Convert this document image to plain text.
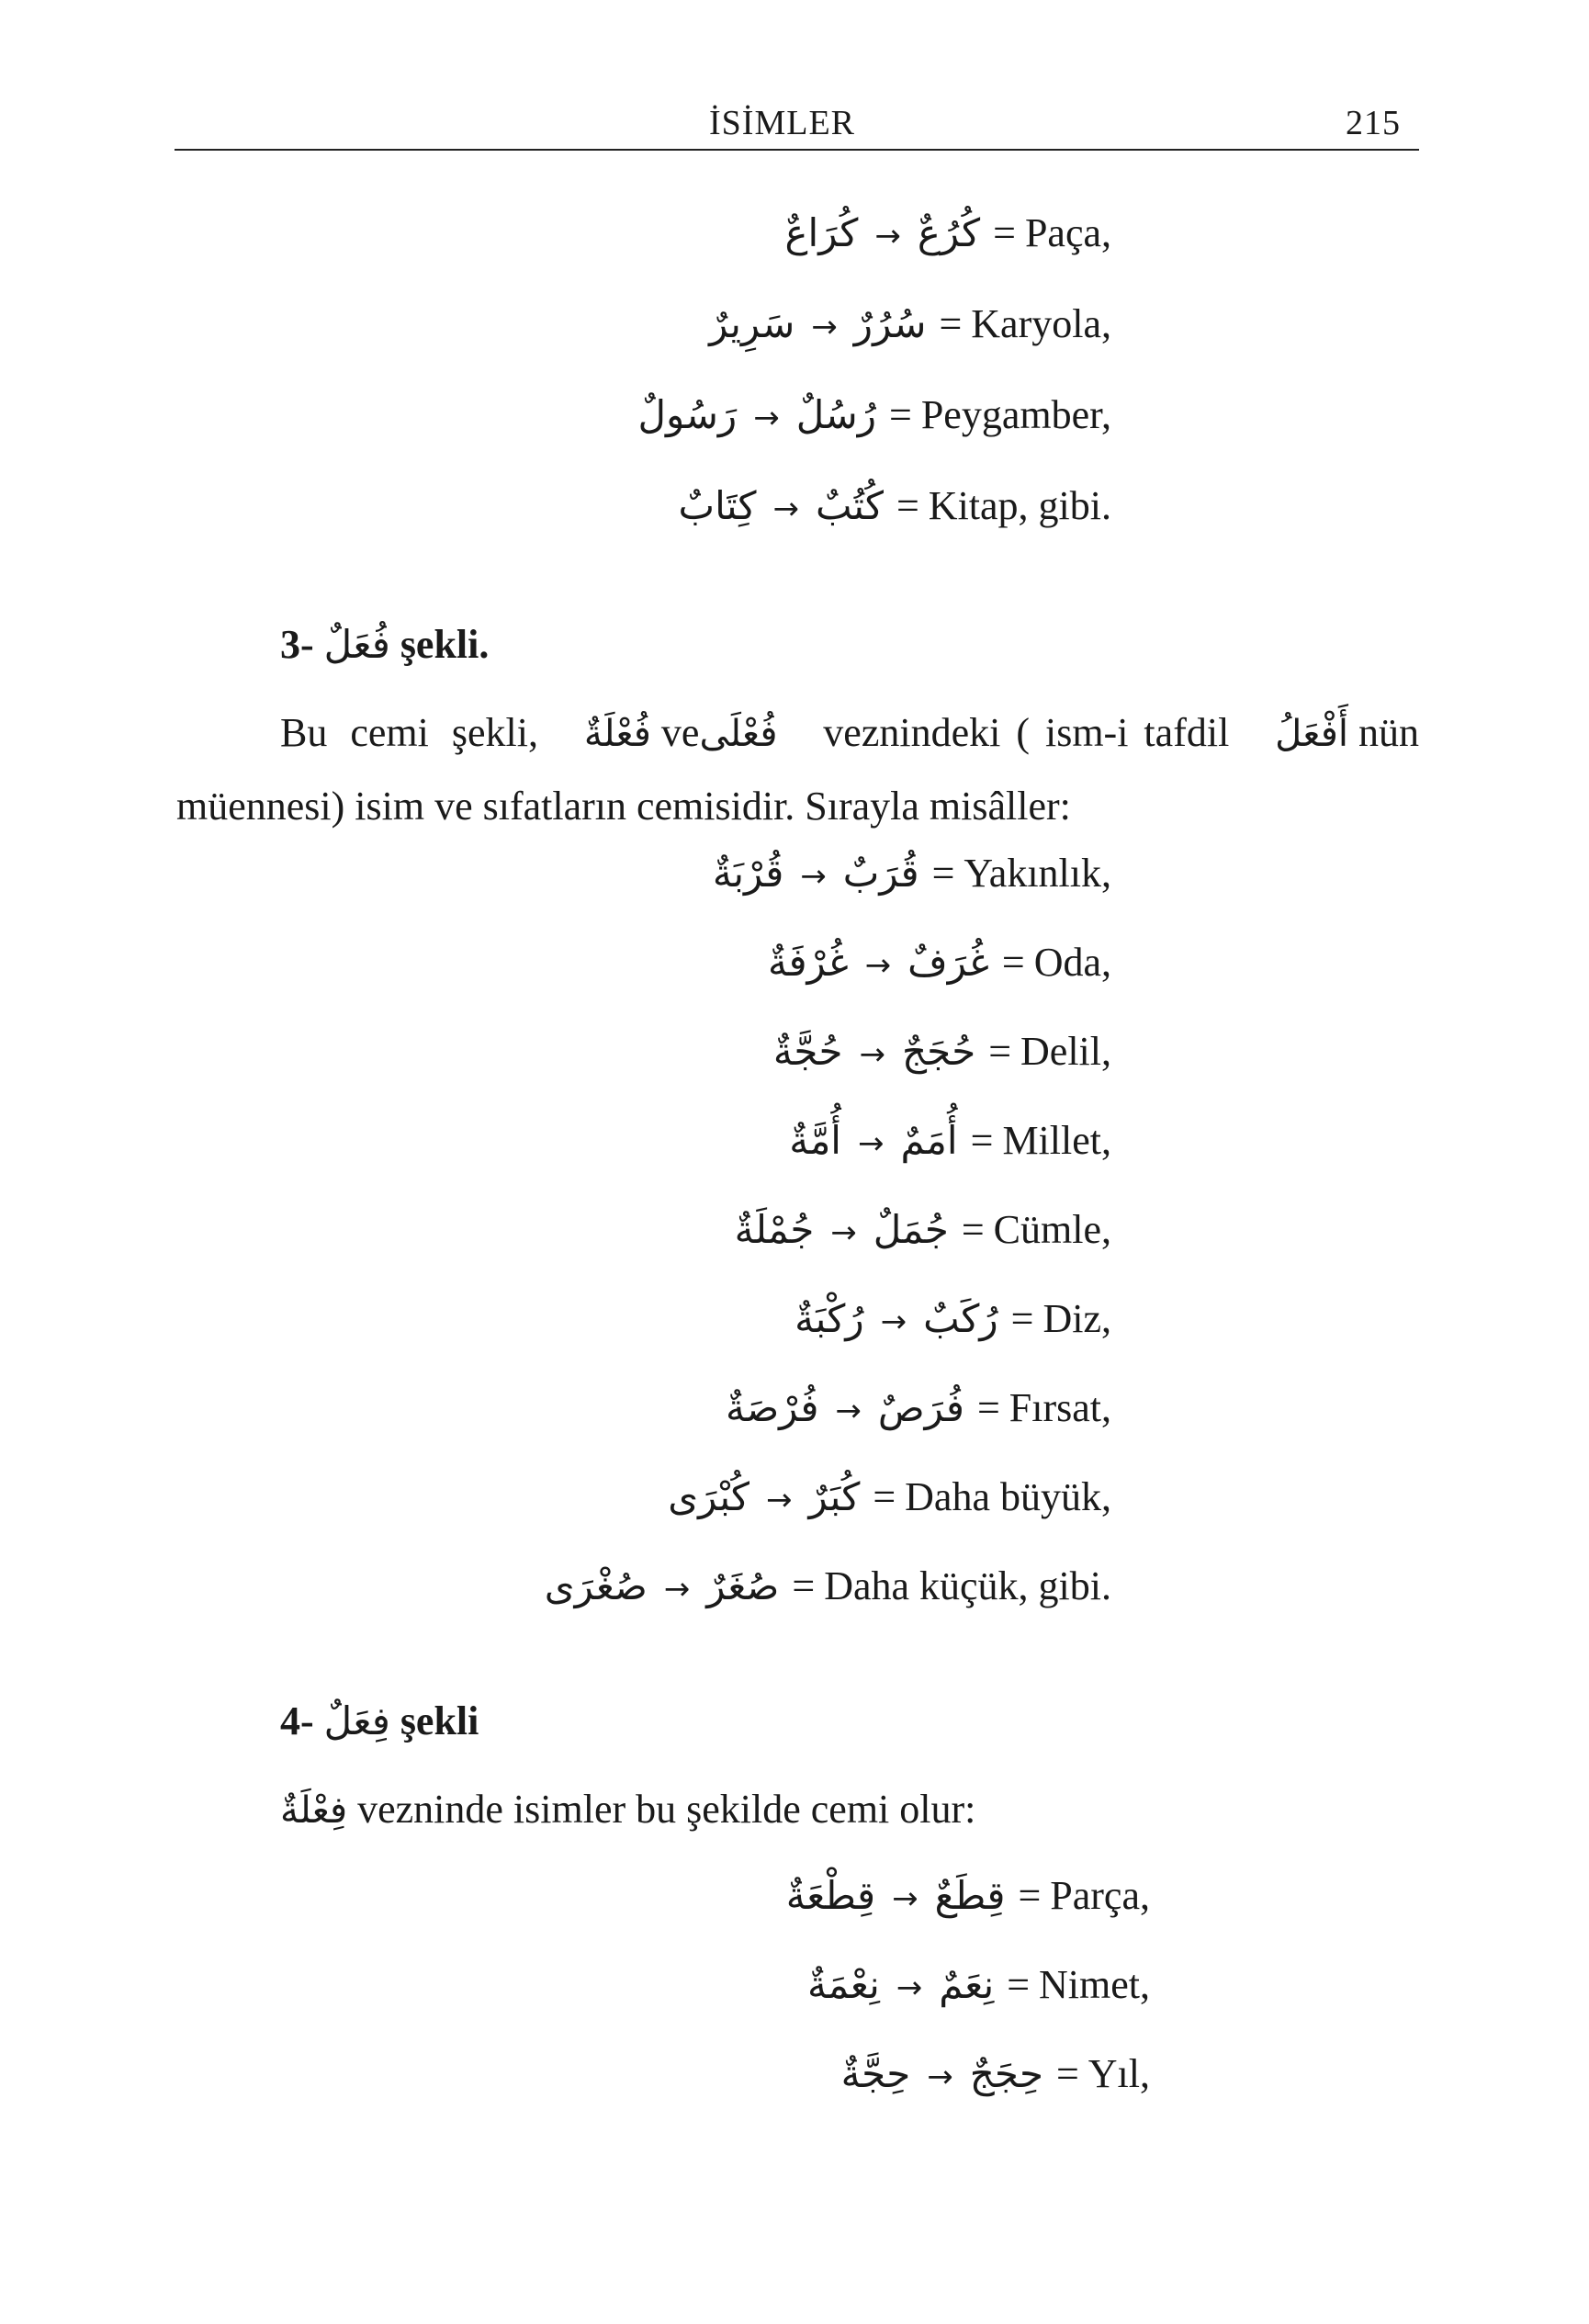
İSİMLER	215
كُرَاعٌ → كُرُعٌ = Paça,
سَرِيرٌ → سُرُرٌ = Karyola,
رَسُولٌ → رُسُلٌ = Peygamber,
كِتَابٌ → كُتُبٌ = Kitap, gibi.
3- فُعَلٌ şekli.
Bu cemi şekli, فُعْلَةٌ veفُعْلَى veznindeki ( ism-i tafdil أَفْعَلُ nün
müennesi) isim ve sıfatların cemisidir. Sırayla misâller:
قُرْبَةٌ → قُرَبٌ = Yakınlık,
غُرْفَةٌ → غُرَفٌ = Oda,
حُجَّةٌ → حُجَجٌ = Delil,
أُمَّةٌ → أُمَمٌ = Millet,
جُمْلَةٌ → جُمَلٌ = Cümle,
رُكْبَةٌ → رُكَبٌ = Diz,
فُرْصَةٌ → فُرَصٌ = Fırsat,
كُبْرَى → كُبَرٌ = Daha büyük,
صُغْرَى → صُغَرٌ = Daha küçük, gibi.
4- فِعَلٌ şekli
فِعْلَةٌ vezninde isimler bu şekilde cemi olur:
قِطْعَةٌ → قِطَعٌ = Parça,
نِعْمَةٌ → نِعَمٌ = Nimet,
حِجَّةٌ → حِجَجٌ = Yıl,
